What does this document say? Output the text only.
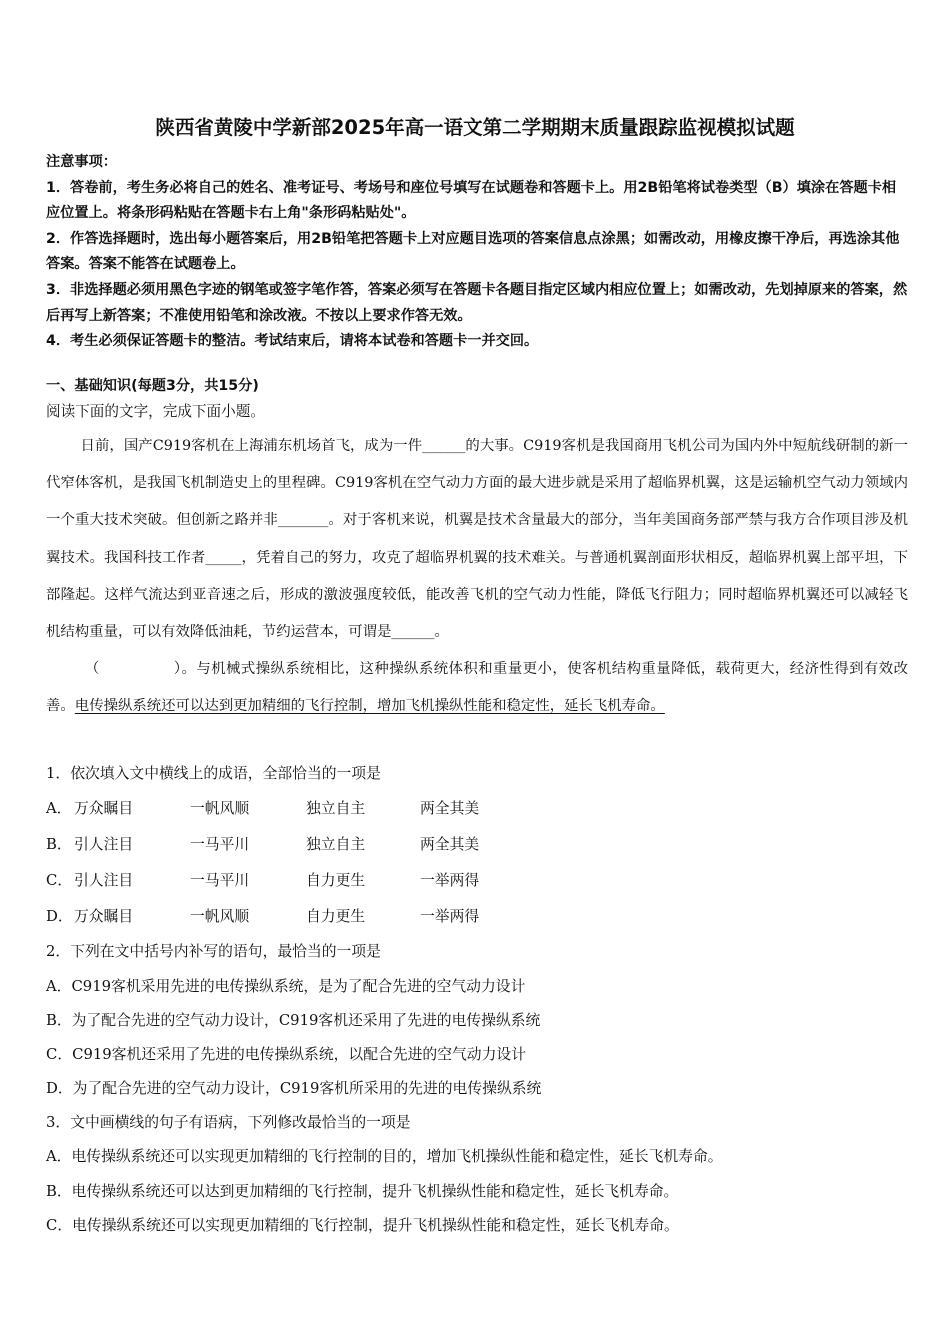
陕西省黄陵中学新部2025年高一语文第二学期期末质量跟踪监视模拟试题

注意事项：

1．答卷前，考生务必将自己的姓名、准考证号、考场号和座位号填写在试题卷和答题卡上。用2B铅笔将试卷类型（B）填涂在答题卡相应位置上。将条形码粘贴在答题卡右上角"条形码粘贴处"。

2．作答选择题时，选出每小题答案后，用2B铅笔把答题卡上对应题目选项的答案信息点涂黑；如需改动，用橡皮擦干净后，再选涂其他答案。答案不能答在试题卷上。

3．非选择题必须用黑色字迹的钢笔或签字笔作答，答案必须写在答题卡各题目指定区域内相应位置上；如需改动，先划掉原来的答案，然后再写上新答案；不准使用铅笔和涂改液。不按以上要求作答无效。

4．考生必须保证答题卡的整洁。考试结束后，请将本试卷和答题卡一并交回。

一、基础知识(每题3分，共15分)
阅读下面的文字，完成下面小题。

日前，国产C919客机在上海浦东机场首飞，成为一件______的大事。C919客机是我国商用飞机公司为国内外中短航线研制的新一代窄体客机，是我国飞机制造史上的里程碑。C919客机在空气动力方面的最大进步就是采用了超临界机翼，这是运输机空气动力领域内一个重大技术突破。但创新之路并非_______。对于客机来说，机翼是技术含量最大的部分，当年美国商务部严禁与我方合作项目涉及机翼技术。我国科技工作者_____，凭着自己的努力，攻克了超临界机翼的技术难关。与普通机翼剖面形状相反，超临界机翼上部平坦，下部隆起。这样气流达到亚音速之后，形成的激波强度较低，能改善飞机的空气动力性能，降低飞行阻力；同时超临界机翼还可以减轻飞机结构重量，可以有效降低油耗，节约运营本，可谓是______。

（　　　　　）。与机械式操纵系统相比，这种操纵系统体积和重量更小，使客机结构重量降低，载荷更大，经济性得到有效改善。电传操纵系统还可以达到更加精细的飞行控制，增加飞机操纵性能和稳定性，延长飞机寿命。

1．依次填入文中横线上的成语，全部恰当的一项是
A． 万众瞩目	一帆风顺	独立自主	两全其美
B． 引人注目	一马平川	独立自主	两全其美
C． 引人注目	一马平川	自力更生	一举两得
D．万众瞩目	一帆风顺	自力更生	一举两得
2．下列在文中括号内补写的语句，最恰当的一项是
A．C919客机采用先进的电传操纵系统，是为了配合先进的空气动力设计
B．为了配合先进的空气动力设计，C919客机还采用了先进的电传操纵系统
C．C919客机还采用了先进的电传操纵系统，以配合先进的空气动力设计
D．为了配合先进的空气动力设计，C919客机所采用的先进的电传操纵系统
3．文中画横线的句子有语病，下列修改最恰当的一项是
A．电传操纵系统还可以实现更加精细的飞行控制的目的，增加飞机操纵性能和稳定性，延长飞机寿命。
B．电传操纵系统还可以达到更加精细的飞行控制，提升飞机操纵性能和稳定性，延长飞机寿命。
C．电传操纵系统还可以实现更加精细的飞行控制，提升飞机操纵性能和稳定性，延长飞机寿命。
